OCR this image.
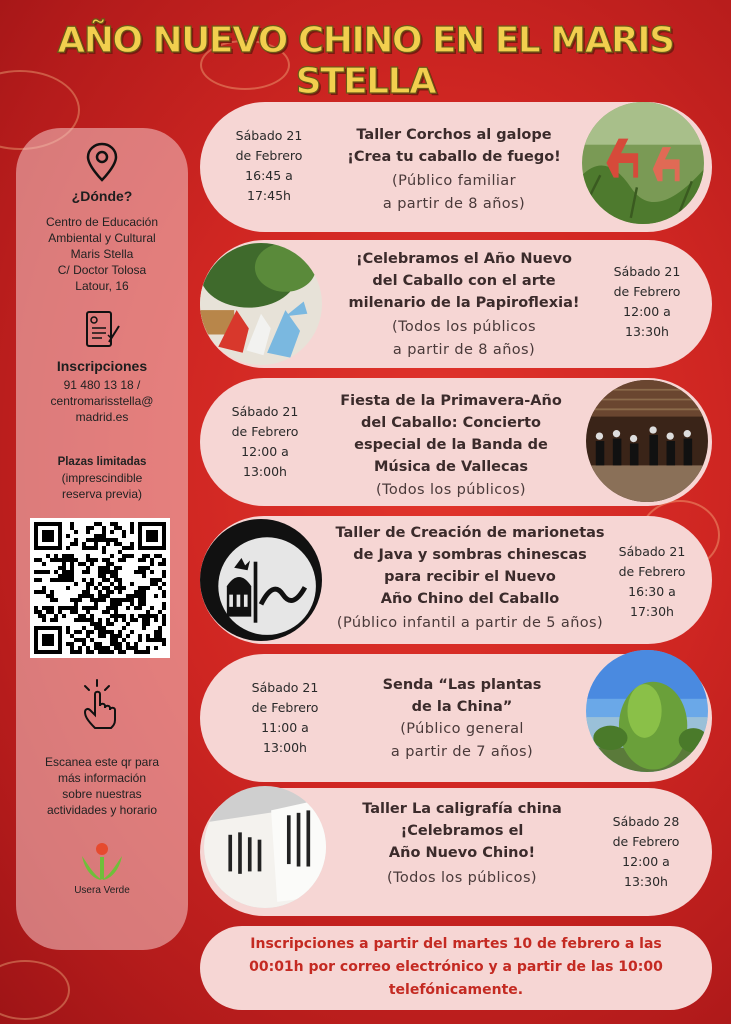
AÑO NUEVO CHINO EN EL MARIS STELLA
¿Dónde?
Centro de Educación
Ambiental y Cultural
Maris Stella
C/ Doctor Tolosa
Latour, 16
Inscripciones
91 480 13 18 /
centromarisstella@
madrid.es
Plazas limitadas
(imprescindible
reserva previa)
Escanea este qr para
más información
sobre nuestras
actividades y horario
Usera Verde
Sábado 21
de Febrero
16:45 a
17:45h
Taller Corchos al galope
¡Crea tu caballo de fuego!
(Público familiar
a partir de 8 años)
¡Celebramos el Año Nuevo
del Caballo con el arte
milenario de la Papiroflexia!
(Todos los públicos
a partir de 8 años)
Sábado 21
de Febrero
12:00 a
13:30h
Sábado 21
de Febrero
12:00 a
13:00h
Fiesta de la Primavera-Año
del Caballo: Concierto
especial de la Banda de
Música de Vallecas
(Todos los públicos)
Taller de Creación de marionetas
de Java y sombras chinescas
para recibir el Nuevo
Año Chino del Caballo
(Público infantil a partir de 5 años)
Sábado 21
de Febrero
16:30 a
17:30h
Sábado 21
de Febrero
11:00 a
13:00h
Senda “Las plantas
de la China”
(Público general
a partir de 7 años)
Taller La caligrafía china
¡Celebramos el
Año Nuevo Chino!
(Todos los públicos)
Sábado 28
de Febrero
12:00 a
13:30h
Inscripciones a partir del martes 10 de febrero a las
00:01h por correo electrónico y a partir de las 10:00
telefónicamente.
